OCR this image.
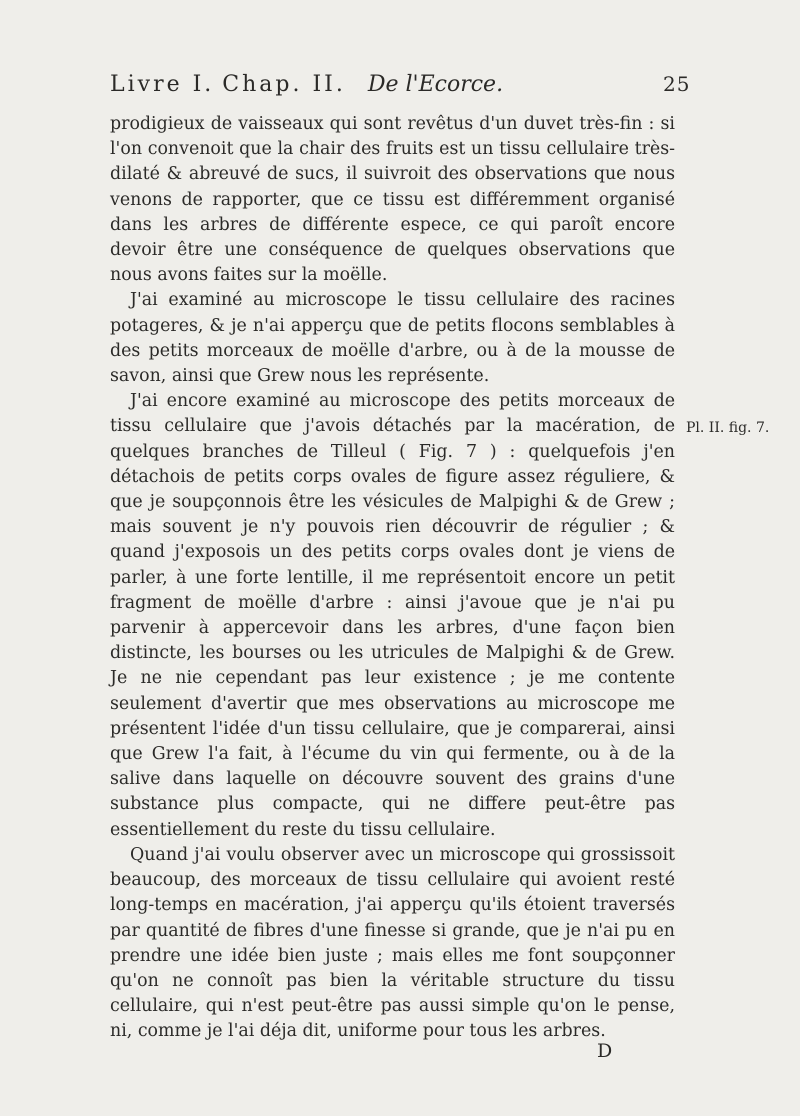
Livre I. Chap. II. De l'Ecorce.	25

prodigieux de vaisseaux qui sont revêtus d'un duvet très-fin : si l'on convenoit que la chair des fruits est un tissu cellulaire très-dilaté & abreuvé de sucs, il suivroit des observations que nous venons de rapporter, que ce tissu est différemment organisé dans les arbres de différente espece, ce qui paroît encore devoir être une conséquence de quelques observations que nous avons faites sur la moëlle.

J'ai examiné au microscope le tissu cellulaire des racines potageres, & je n'ai apperçu que de petits flocons semblables à des petits morceaux de moëlle d'arbre, ou à de la mousse de savon, ainsi que Grew nous les représente.

J'ai encore examiné au microscope des petits morceaux de tissu cellulaire que j'avois détachés par la macération, de quelques branches de Tilleul ( Fig. 7 ) : quelquefois j'en détachois de petits corps ovales de figure assez réguliere, & que je soupçonnois être les vésicules de Malpighi & de Grew ; mais souvent je n'y pouvois rien découvrir de régulier ; & quand j'exposois un des petits corps ovales dont je viens de parler, à une forte lentille, il me représentoit encore un petit fragment de moëlle d'arbre : ainsi j'avoue que je n'ai pu parvenir à appercevoir dans les arbres, d'une façon bien distincte, les bourses ou les utricules de Malpighi & de Grew. Je ne nie cependant pas leur existence ; je me contente seulement d'avertir que mes observations au microscope me présentent l'idée d'un tissu cellulaire, que je comparerai, ainsi que Grew l'a fait, à l'écume du vin qui fermente, ou à de la salive dans laquelle on découvre souvent des grains d'une substance plus compacte, qui ne differe peut-être pas essentiellement du reste du tissu cellulaire.

Quand j'ai voulu observer avec un microscope qui grossissoit beaucoup, des morceaux de tissu cellulaire qui avoient resté long-temps en macération, j'ai apperçu qu'ils étoient traversés par quantité de fibres d'une finesse si grande, que je n'ai pu en prendre une idée bien juste ; mais elles me font soupçonner qu'on ne connoît pas bien la véritable structure du tissu cellulaire, qui n'est peut-être pas aussi simple qu'on le pense, ni, comme je l'ai déja dit, uniforme pour tous les arbres.

Pl. II. fig. 7.
D
